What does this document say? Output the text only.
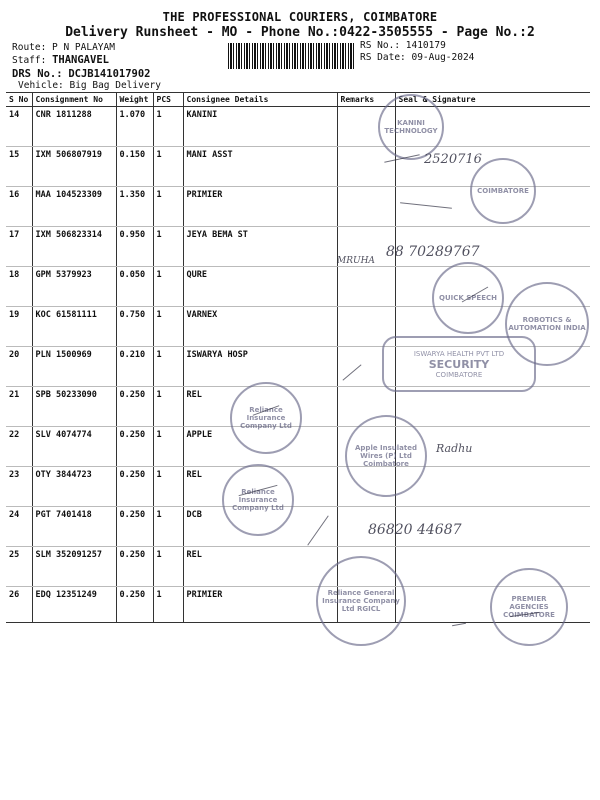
THE PROFESSIONAL COURIERS, COIMBATORE
Delivery Runsheet - MO - Phone No.:0422-3505555 - Page No.:2
Route: P N PALAYAM
Staff: THANGAVEL
DRS No.: DCJB141017902
Vehicle: Big Bag Delivery
RS No.: 1410179
RS Date: 09-Aug-2024
S No	Consignment No	Weight	PCS	Consignee Details	Remarks	Seal & Signature
14	CNR 1811288	1.070	1	KANINI		
15	IXM 506807919	0.150	1	MANI ASST		
16	MAA 104523309	1.350	1	PRIMIER		
17	IXM 506823314	0.950	1	JEYA BEMA ST		
18	GPM 5379923	0.050	1	QURE		
19	KOC 61581111	0.750	1	VARNEX		
20	PLN 1500969	0.210	1	ISWARYA HOSP		
21	SPB 50233090	0.250	1	REL		
22	SLV 4074774	0.250	1	APPLE		
23	OTY 3844723	0.250	1	REL		
24	PGT 7401418	0.250	1	DCB		
25	SLM 352091257	0.250	1	REL		
26	EDQ 12351249	0.250	1	PRIMIER		
KANINI TECHNOLOGY
COIMBATORE
QUICK SPEECH
ROBOTICS & AUTOMATION INDIA
ISWARYA HEALTH PVT LTD
SECURITY
COIMBATORE
Reliance Insurance Company Ltd
Apple Insulated Wires (P) Ltd Coimbatore
Reliance Insurance Company Ltd
Reliance General Insurance Company Ltd RGICL
PREMIER AGENCIES COIMBATORE
2520716
MRUHA
88 70289767
Radhu
86820 44687
